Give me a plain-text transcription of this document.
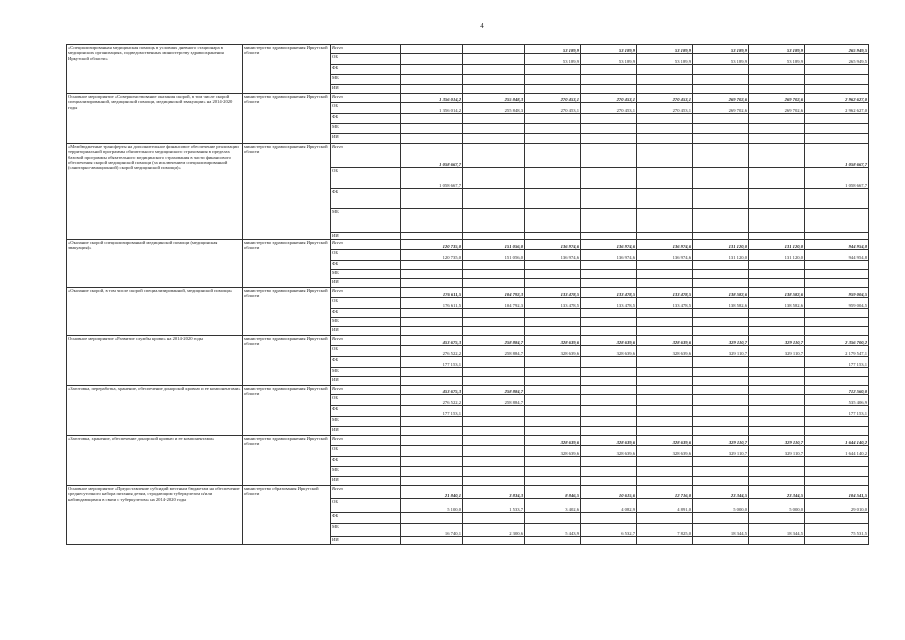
4
«Специализированная медицинская помощь в условиях дневного стационара в медицинских организациях, подведомственных министерству здравоохранения Иркутской области»	министерство здравоохранения Иркутской области	Всего			53 189,9	53 189,9	53 189,9	53 189,9	53 189,9	265 949,5
		ОБ			53 189,9	53 189,9	53 189,9	53 189,9	53 189,9	265 949,5
		ФБ								
		МБ								
		ИИ								
Основное мероприятие «Совершенствование оказания скорой, в том числе скорой специализированной, медицинской помощи, медицинской эвакуации» на 2014-2020 годы	министерство здравоохранения Иркутской области	Всего	1 356 014,2	255 848,3	270 453,1	270 453,1	270 453,1	269 702,6	269 702,6	2 962 627,0
		ОБ	1 356 014,2	255 848,3	270 453,1	270 453,1	270 453,1	269 702,6	269 702,6	2 962 627,0
		ФБ								
		МБ								
		ИИ								
«Межбюджетные трансферты на дополнительное финансовое обеспечение реализации территориальной программы обязательного медицинского страхования в пределах базовой программы обязательного медицинского страхования в части финансового обеспечения скорой медицинской помощи (за исключением специализированной (санитарно-авиационной) скорой медицинской помощи)»	министерство здравоохранения Иркутской области	Всего	1 058 667,7							1 058 667,7
		ОБ	1 058 667,7							1 058 667,7
		ФБ								
		МБ								
		ИИ								
«Оказание скорой специализированной медицинской помощи (медицинская эвакуация)»	министерство здравоохранения Иркутской области	Всего	120 735,0	151 056,0	136 974,6	136 974,6	136 974,6	131 120,0	131 120,0	944 954,8
		ОБ	120 735,0	151 056,0	136 974,6	136 974,6	136 974,6	131 120,0	131 120,0	944 954,8
		ФБ								
		МБ								
		ИИ								
«Оказание скорой, в том числе скорой специализированной, медицинской помощи»	министерство здравоохранения Иркутской области	Всего	176 611,5	104 792,3	133 478,5	133 478,5	133 478,5	138 582,6	138 582,6	959 004,5
		ОБ	176 611,5	104 792,3	133 478,5	133 478,5	133 478,5	138 582,6	138 582,6	959 004,5
		ФБ								
		МБ								
		ИИ								
Основное мероприятие «Развитие службы крови» на 2014-2020 годы	министерство здравоохранения Иркутской области	Всего	453 675,3	258 884,7	328 639,6	328 639,6	328 639,6	329 110,7	329 110,7	2 356 700,2
		ОБ	276 522,2	258 884,7	328 639,6	328 639,6	328 639,6	329 110,7	329 110,7	2 179 547,1
		ФБ	177 153,1							177 153,1
		МБ								
		ИИ								
«Заготовка, переработка, хранение, обеспечение донорской кровью и ее компонентами»	министерство здравоохранения Иркутской области	Всего	453 675,3	258 884,7						712 560,0
		ОБ	276 522,2	258 884,7						535 406,9
		ФБ	177 153,1							177 153,1
		МБ								
		ИИ								
«Заготовка, хранение, обеспечение донорской кровью и ее компонентами»	министерство здравоохранения Иркутской области	Всего			328 639,6	328 639,6	328 639,6	329 110,7	329 110,7	1 644 140,2
		ОБ			328 639,6	328 639,6	328 639,6	329 110,7	329 110,7	1 644 140,2
		ФБ								
		МБ								
		ИИ								
Основное мероприятие «Предоставление субсидий местным бюджетам на обеспечение среднесуточного набора питания детям, страдающим туберкулезом и/или наблюдающимся в связи с туберкулезом» на 2014-2020 годы	министерство образования Иркутской области	Всего	21 840,1	3 834,3	8 846,5	10 615,6	12 716,0	23 344,5	23 344,5	104 541,5
		ОБ	5 100,0	1 533,7	3 402,6	4 082,9	4 891,0	5 000,0	5 000,0	29 010,0
		ФБ								
		МБ	16 740,1	2 300,6	5 443,9	6 532,7	7 825,0	18 344,5	18 344,5	75 531,5
		ИИ								
